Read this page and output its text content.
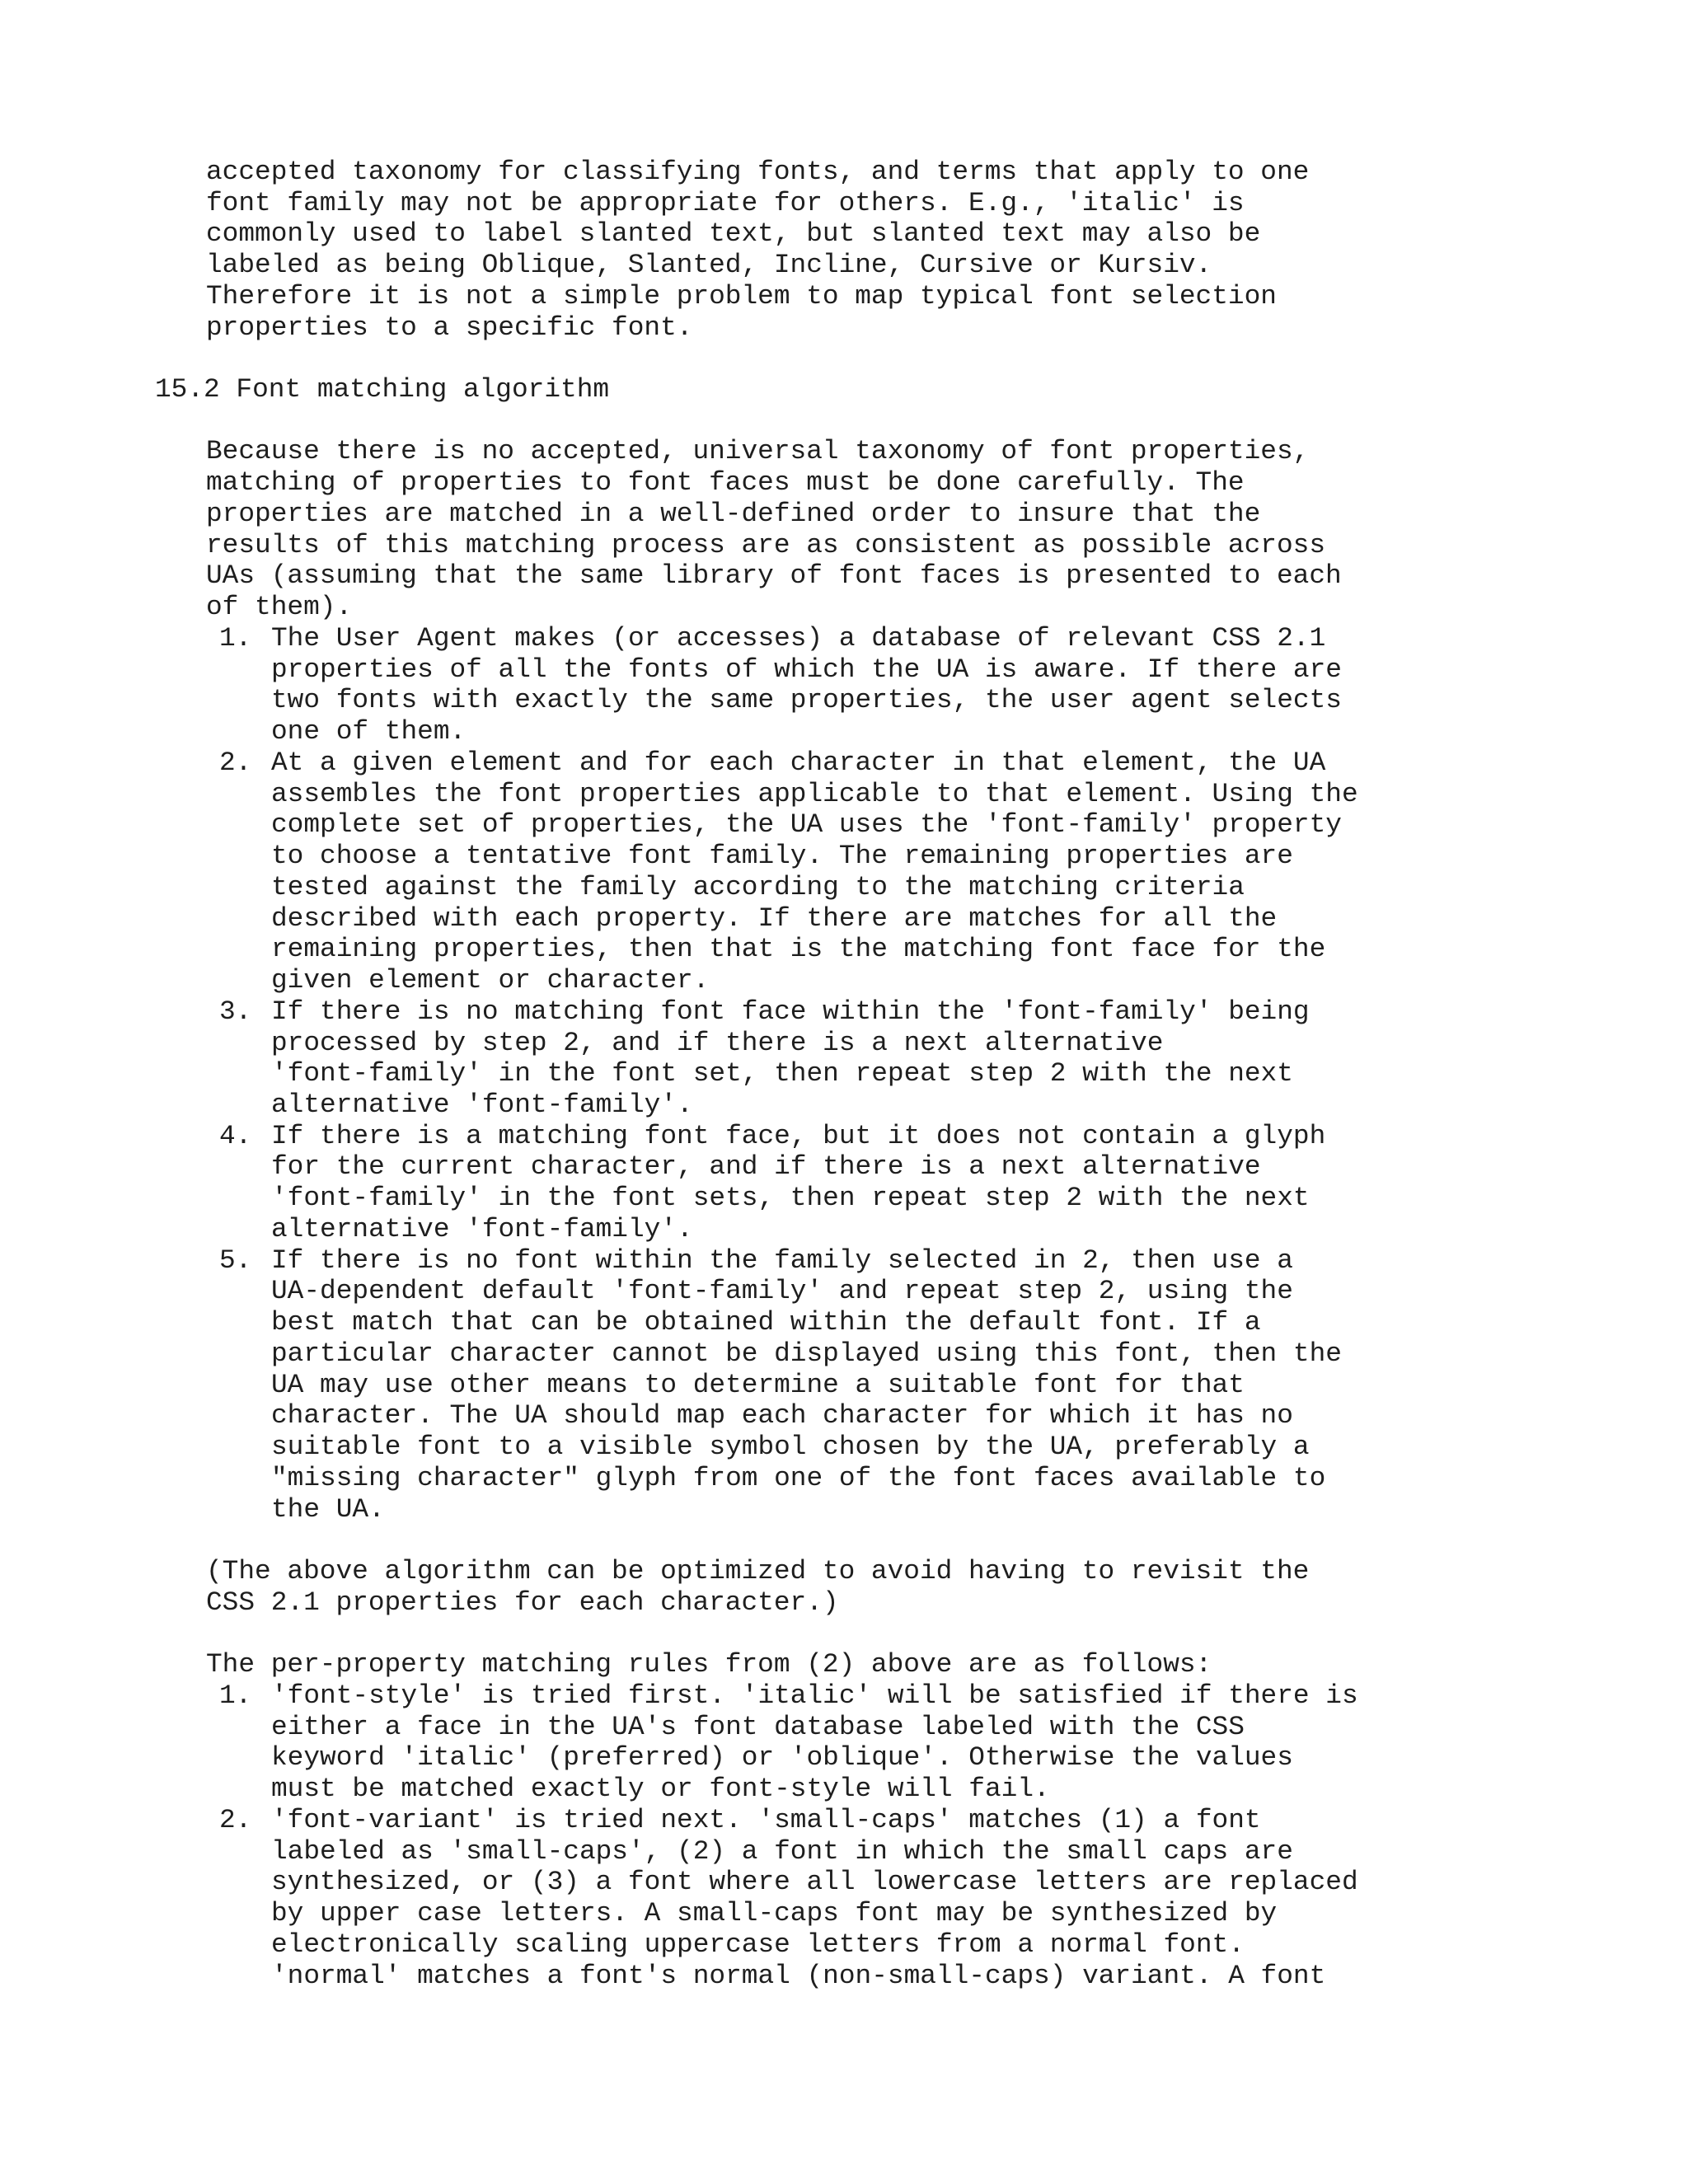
accepted taxonomy for classifying fonts, and terms that apply to one
font family may not be appropriate for others. E.g., 'italic' is
commonly used to label slanted text, but slanted text may also be
labeled as being Oblique, Slanted, Incline, Cursive or Kursiv.
Therefore it is not a simple problem to map typical font selection
properties to a specific font.
15.2 Font matching algorithm
Because there is no accepted, universal taxonomy of font properties,
matching of properties to font faces must be done carefully. The
properties are matched in a well-defined order to insure that the
results of this matching process are as consistent as possible across
UAs (assuming that the same library of font faces is presented to each
of them).
1. The User Agent makes (or accesses) a database of relevant CSS 2.1
properties of all the fonts of which the UA is aware. If there are
two fonts with exactly the same properties, the user agent selects
one of them.
2. At a given element and for each character in that element, the UA
assembles the font properties applicable to that element. Using the
complete set of properties, the UA uses the 'font-family' property
to choose a tentative font family. The remaining properties are
tested against the family according to the matching criteria
described with each property. If there are matches for all the
remaining properties, then that is the matching font face for the
given element or character.
3. If there is no matching font face within the 'font-family' being
processed by step 2, and if there is a next alternative
'font-family' in the font set, then repeat step 2 with the next
alternative 'font-family'.
4. If there is a matching font face, but it does not contain a glyph
for the current character, and if there is a next alternative
'font-family' in the font sets, then repeat step 2 with the next
alternative 'font-family'.
5. If there is no font within the family selected in 2, then use a
UA-dependent default 'font-family' and repeat step 2, using the
best match that can be obtained within the default font. If a
particular character cannot be displayed using this font, then the
UA may use other means to determine a suitable font for that
character. The UA should map each character for which it has no
suitable font to a visible symbol chosen by the UA, preferably a
"missing character" glyph from one of the font faces available to
the UA.
(The above algorithm can be optimized to avoid having to revisit the
CSS 2.1 properties for each character.)
The per-property matching rules from (2) above are as follows:
1. 'font-style' is tried first. 'italic' will be satisfied if there is
either a face in the UA's font database labeled with the CSS
keyword 'italic' (preferred) or 'oblique'. Otherwise the values
must be matched exactly or font-style will fail.
2. 'font-variant' is tried next. 'small-caps' matches (1) a font
labeled as 'small-caps', (2) a font in which the small caps are
synthesized, or (3) a font where all lowercase letters are replaced
by upper case letters. A small-caps font may be synthesized by
electronically scaling uppercase letters from a normal font.
'normal' matches a font's normal (non-small-caps) variant. A font
